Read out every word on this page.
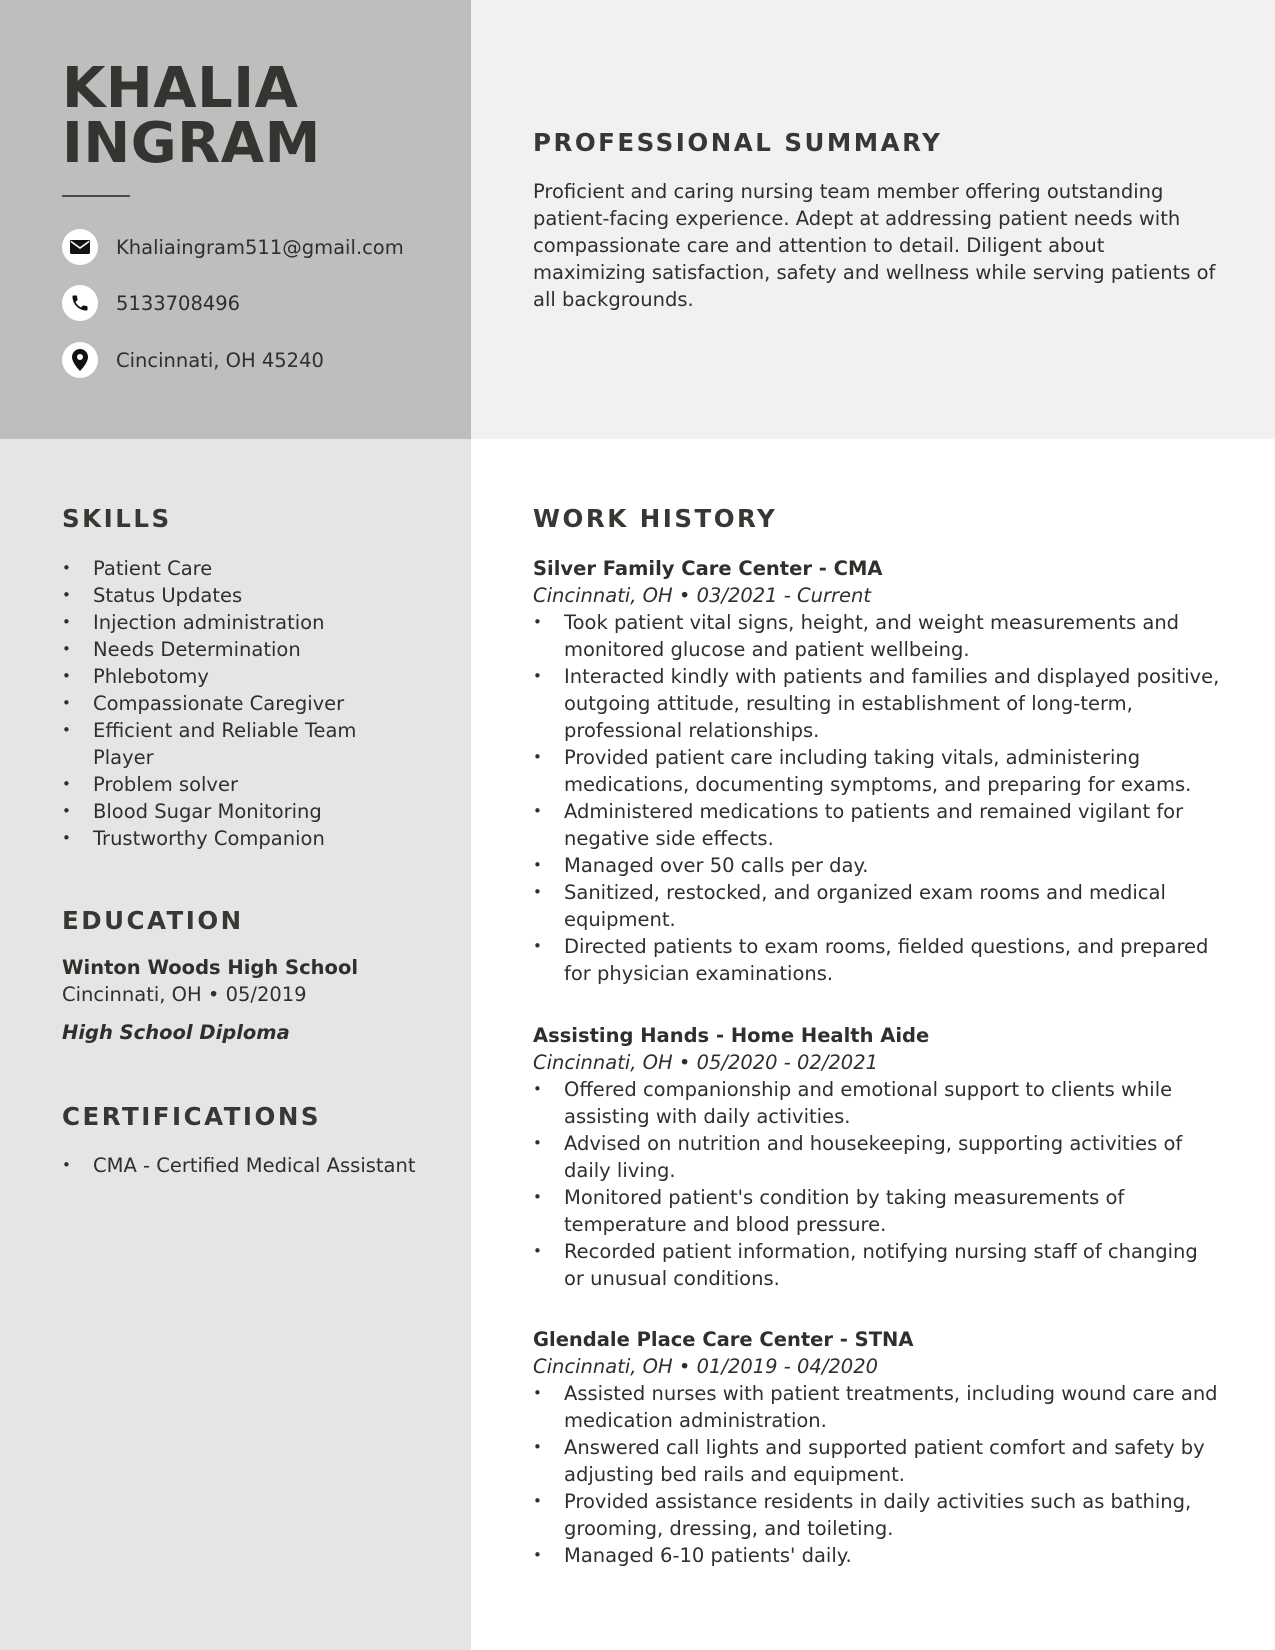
KHALIA
INGRAM
Khaliaingram511@gmail.com
5133708496
Cincinnati, OH 45240
PROFESSIONAL SUMMARY

Proficient and caring nursing team member offering outstanding patient-facing experience. Adept at addressing patient needs with compassionate care and attention to detail. Diligent about maximizing satisfaction, safety and wellness while serving patients of all backgrounds.

SKILLS
• Patient Care
• Status Updates
• Injection administration
• Needs Determination
• Phlebotomy
• Compassionate Caregiver
• Efficient and Reliable Team Player
• Problem solver
• Blood Sugar Monitoring
• Trustworthy Companion
EDUCATION
Winton Woods High School
Cincinnati, OH • 05/2019
High School Diploma
CERTIFICATIONS
• CMA - Certified Medical Assistant
WORK HISTORY
Silver Family Care Center - CMA
Cincinnati, OH • 03/2021 - Current
• Took patient vital signs, height, and weight measurements and monitored glucose and patient wellbeing.
• Interacted kindly with patients and families and displayed positive, outgoing attitude, resulting in establishment of long-term, professional relationships.
• Provided patient care including taking vitals, administering medications, documenting symptoms, and preparing for exams.
• Administered medications to patients and remained vigilant for negative side effects.
• Managed over 50 calls per day.
• Sanitized, restocked, and organized exam rooms and medical equipment.
• Directed patients to exam rooms, fielded questions, and prepared for physician examinations.
Assisting Hands - Home Health Aide
Cincinnati, OH • 05/2020 - 02/2021
• Offered companionship and emotional support to clients while assisting with daily activities.
• Advised on nutrition and housekeeping, supporting activities of daily living.
• Monitored patient's condition by taking measurements of temperature and blood pressure.
• Recorded patient information, notifying nursing staff of changing or unusual conditions.
Glendale Place Care Center - STNA
Cincinnati, OH • 01/2019 - 04/2020
• Assisted nurses with patient treatments, including wound care and medication administration.
• Answered call lights and supported patient comfort and safety by adjusting bed rails and equipment.
• Provided assistance residents in daily activities such as bathing, grooming, dressing, and toileting.
• Managed 6-10 patients' daily.
